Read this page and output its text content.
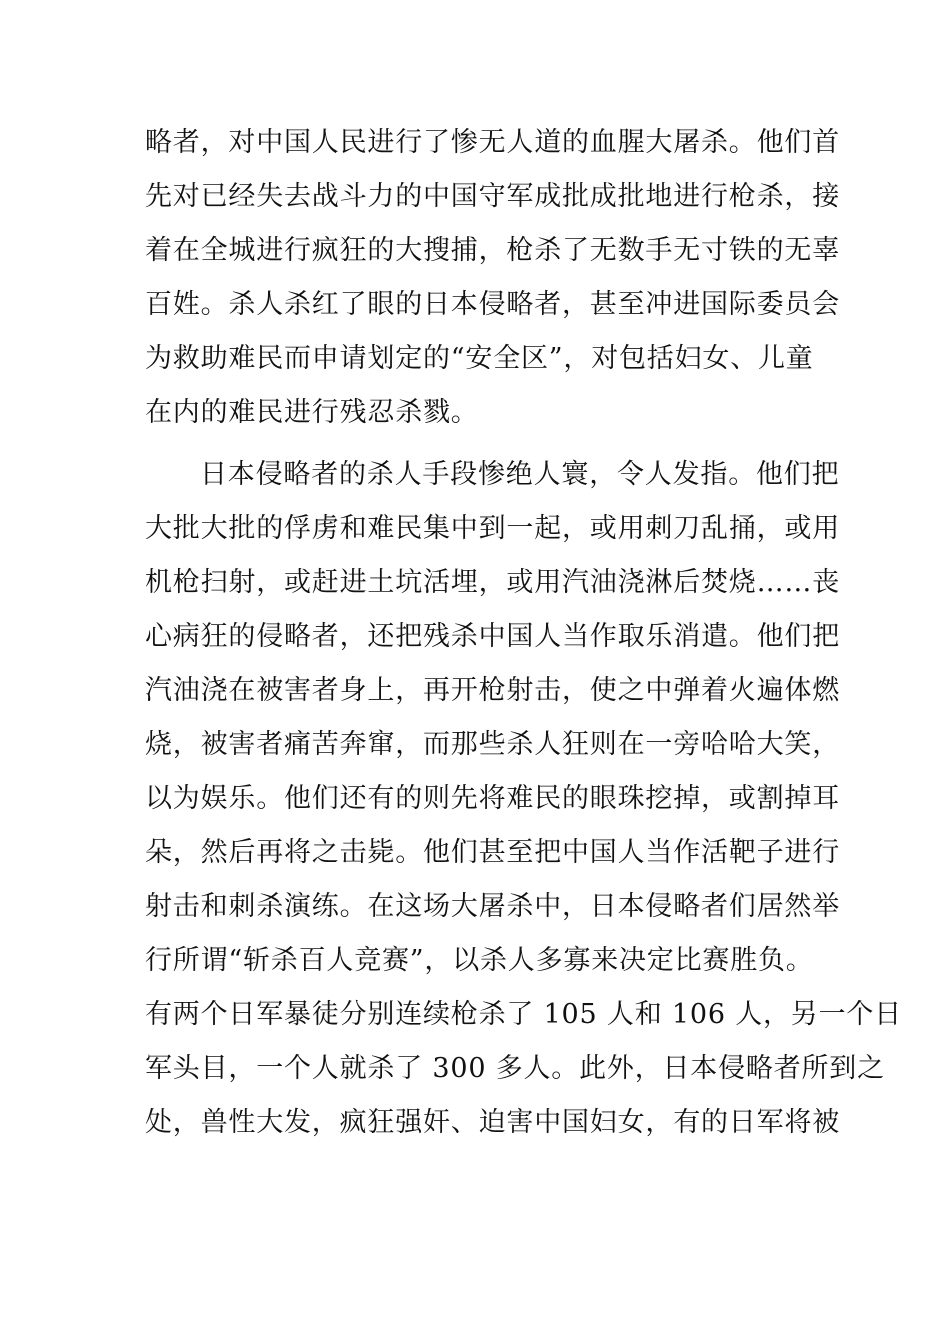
略者，对中国人民进行了惨无人道的血腥大屠杀。他们首
先对已经失去战斗力的中国守军成批成批地进行枪杀，接
着在全城进行疯狂的大搜捕，枪杀了无数手无寸铁的无辜
百姓。杀人杀红了眼的日本侵略者，甚至冲进国际委员会
为救助难民而申请划定的“安全区”，对包括妇女、儿童
在内的难民进行残忍杀戮。
日本侵略者的杀人手段惨绝人寰，令人发指。他们把
大批大批的俘虏和难民集中到一起，或用刺刀乱捅，或用
机枪扫射，或赶进土坑活埋，或用汽油浇淋后焚烧……丧
心病狂的侵略者，还把残杀中国人当作取乐消遣。他们把
汽油浇在被害者身上，再开枪射击，使之中弹着火遍体燃
烧，被害者痛苦奔窜，而那些杀人狂则在一旁哈哈大笑，
以为娱乐。他们还有的则先将难民的眼珠挖掉，或割掉耳
朵，然后再将之击毙。他们甚至把中国人当作活靶子进行
射击和刺杀演练。在这场大屠杀中，日本侵略者们居然举
行所谓“斩杀百人竞赛”，以杀人多寡来决定比赛胜负。
有两个日军暴徒分别连续枪杀了 105 人和 106 人，另一个日
军头目，一个人就杀了 300 多人。此外，日本侵略者所到之
处，兽性大发，疯狂强奸、迫害中国妇女，有的日军将被
